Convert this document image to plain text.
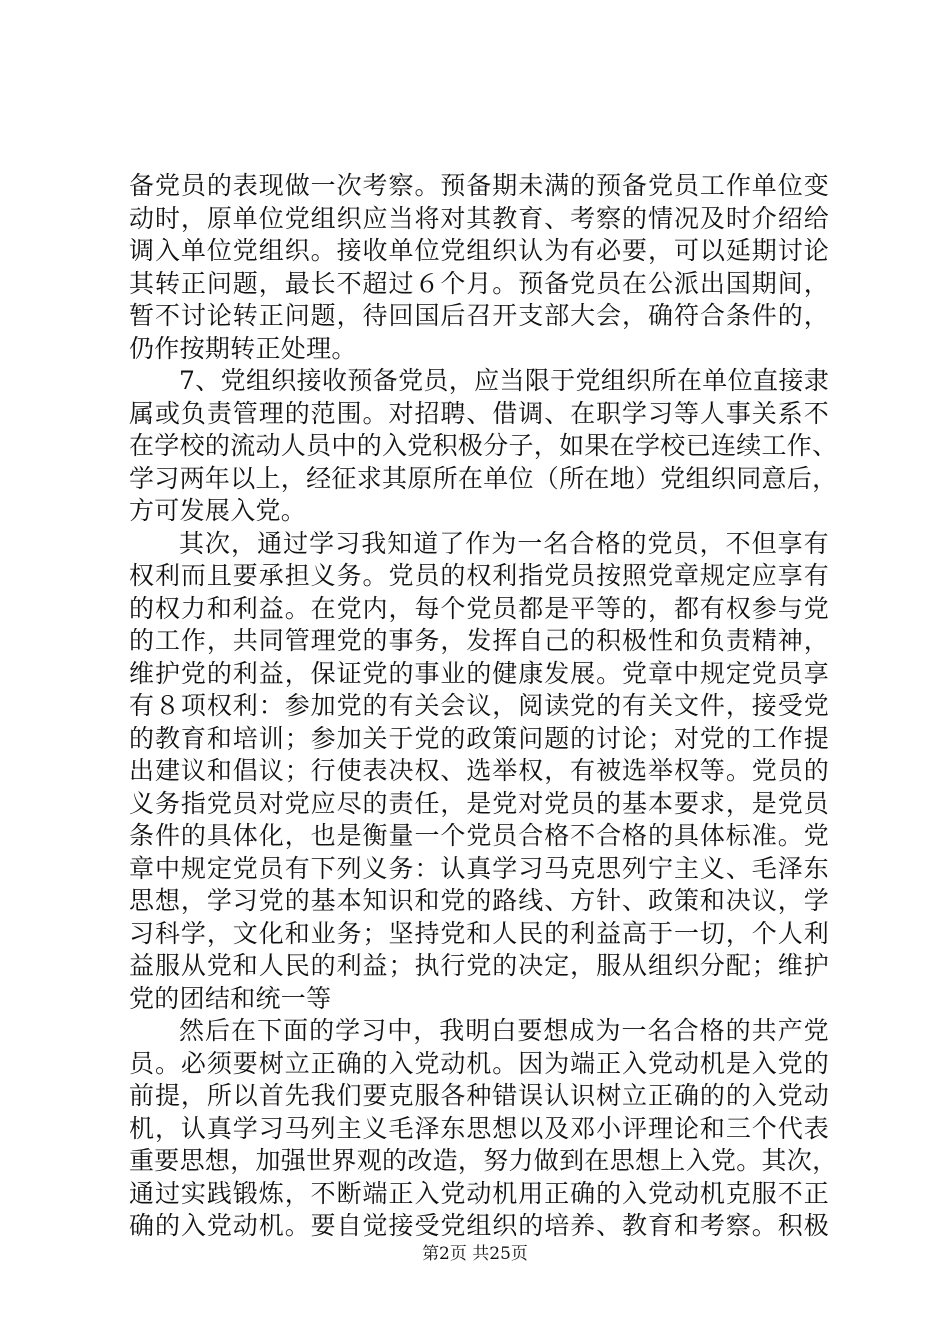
备党员的表现做一次考察。预备期未满的预备党员工作单位变
动时，原单位党组织应当将对其教育、考察的情况及时介绍给
调入单位党组织。接收单位党组织认为有必要，可以延期讨论
其转正问题，最长不超过６个月。预备党员在公派出国期间，
暂不讨论转正问题，待回国后召开支部大会，确符合条件的，
仍作按期转正处理。
7、党组织接收预备党员，应当限于党组织所在单位直接隶
属或负责管理的范围。对招聘、借调、在职学习等人事关系不
在学校的流动人员中的入党积极分子，如果在学校已连续工作、
学习两年以上，经征求其原所在单位（所在地）党组织同意后，
方可发展入党。
其次，通过学习我知道了作为一名合格的党员，不但享有
权利而且要承担义务。党员的权利指党员按照党章规定应享有
的权力和利益。在党内，每个党员都是平等的，都有权参与党
的工作，共同管理党的事务，发挥自己的积极性和负责精神，
维护党的利益，保证党的事业的健康发展。党章中规定党员享
有８项权利：参加党的有关会议，阅读党的有关文件，接受党
的教育和培训；参加关于党的政策问题的讨论；对党的工作提
出建议和倡议；行使表决权、选举权，有被选举权等。党员的
义务指党员对党应尽的责任，是党对党员的基本要求，是党员
条件的具体化，也是衡量一个党员合格不合格的具体标准。党
章中规定党员有下列义务：认真学习马克思列宁主义、毛泽东
思想，学习党的基本知识和党的路线、方针、政策和决议，学
习科学，文化和业务；坚持党和人民的利益高于一切，个人利
益服从党和人民的利益；执行党的决定，服从组织分配；维护
党的团结和统一等
然后在下面的学习中，我明白要想成为一名合格的共产党
员。必须要树立正确的入党动机。因为端正入党动机是入党的
前提，所以首先我们要克服各种错误认识树立正确的的入党动
机，认真学习马列主义毛泽东思想以及邓小评理论和三个代表
重要思想，加强世界观的改造，努力做到在思想上入党。其次，
通过实践锻炼，不断端正入党动机用正确的入党动机克服不正
确的入党动机。要自觉接受党组织的培养、教育和考察。积极
第2页 共25页
